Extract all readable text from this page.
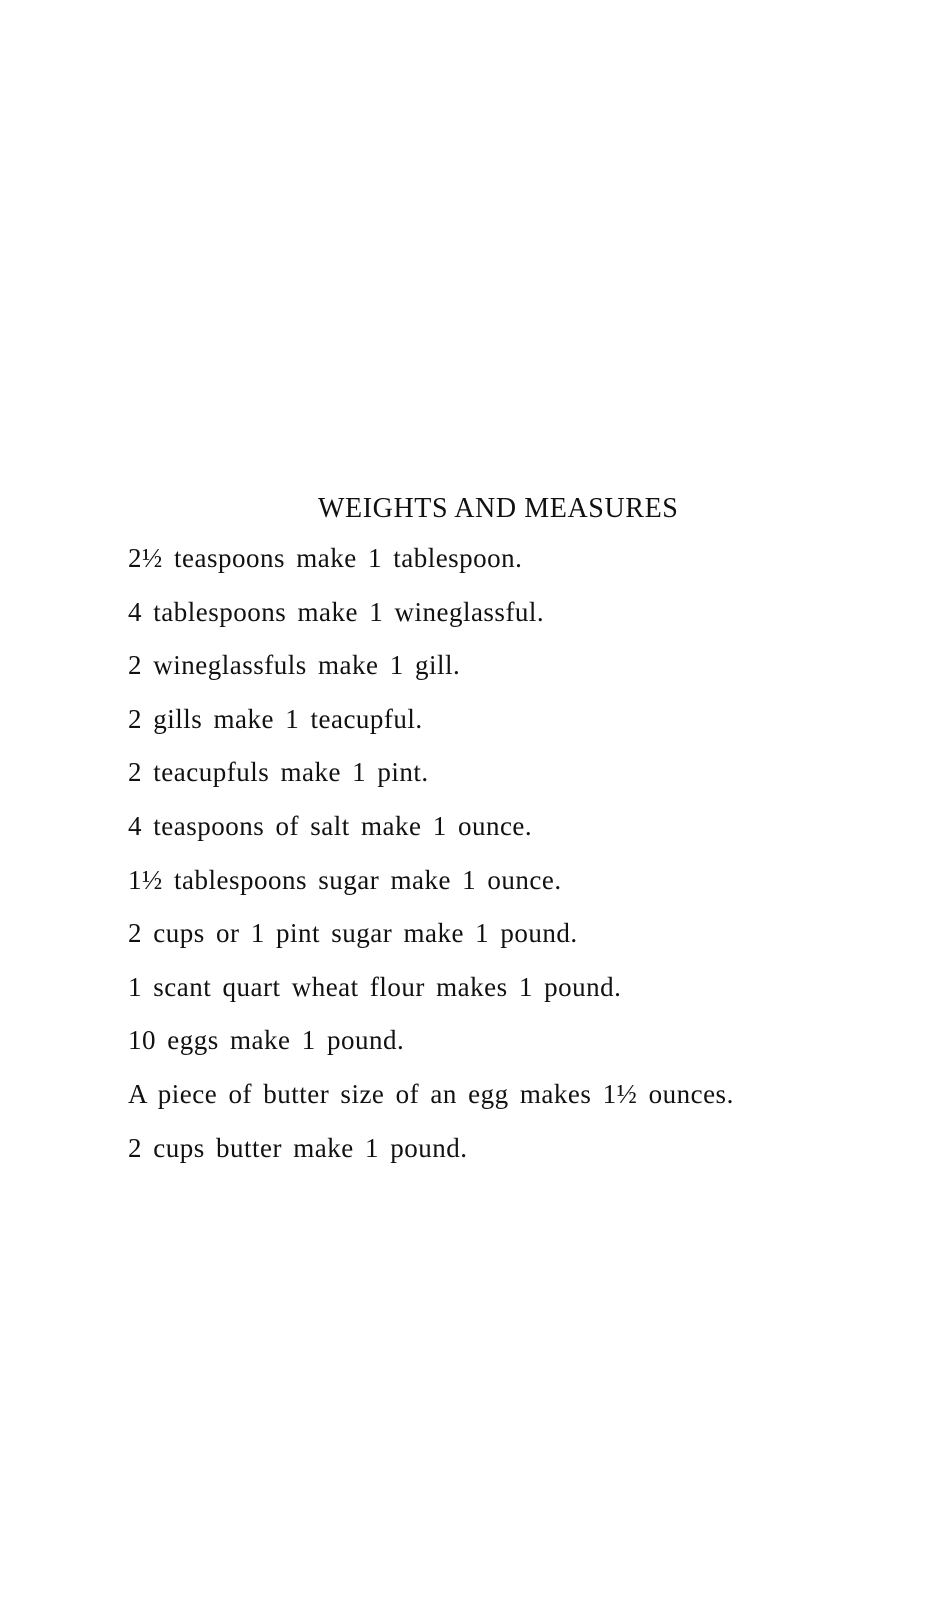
WEIGHTS AND MEASURES
2½ teaspoons make 1 tablespoon.
4 tablespoons make 1 wineglassful.
2 wineglassfuls make 1 gill.
2 gills make 1 teacupful.
2 teacupfuls make 1 pint.
4 teaspoons of salt make 1 ounce.
1½ tablespoons sugar make 1 ounce.
2 cups or 1 pint sugar make 1 pound.
1 scant quart wheat flour makes 1 pound.
10 eggs make 1 pound.
A piece of butter size of an egg makes 1½ ounces.
2 cups butter make 1 pound.
